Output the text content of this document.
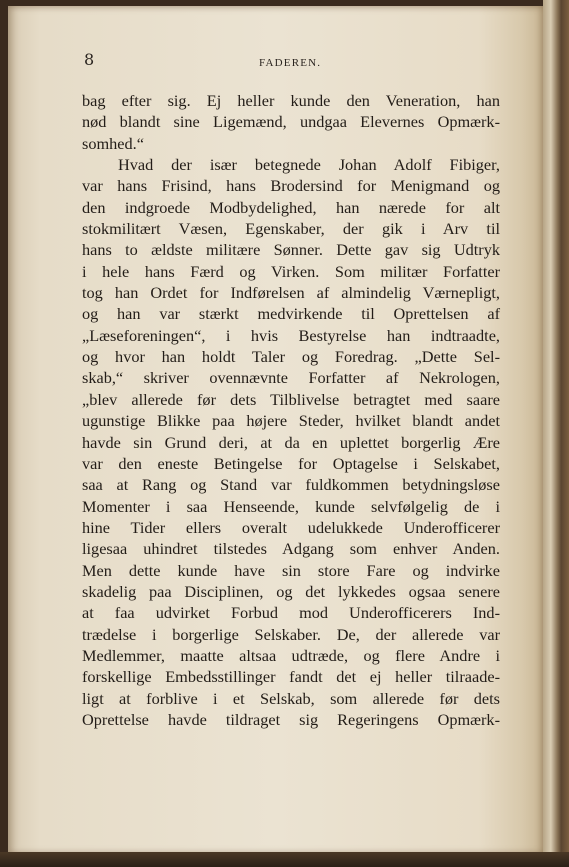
8	FADEREN.
bag efter sig. Ej heller kunde den Veneration, han
nød blandt sine Ligemænd, undgaa Elevernes Opmærk-
somhed.“
Hvad der især betegnede Johan Adolf Fibiger,
var hans Frisind, hans Brodersind for Menigmand og
den indgroede Modbydelighed, han nærede for alt
stokmilitært Væsen, Egenskaber, der gik i Arv til
hans to ældste militære Sønner. Dette gav sig Udtryk
i hele hans Færd og Virken. Som militær Forfatter
tog han Ordet for Indførelsen af almindelig Værnepligt,
og han var stærkt medvirkende til Oprettelsen af
„Læseforeningen“, i hvis Bestyrelse han indtraadte,
og hvor han holdt Taler og Foredrag. „Dette Sel-
skab,“ skriver ovennævnte Forfatter af Nekrologen,
„blev allerede før dets Tilblivelse betragtet med saare
ugunstige Blikke paa højere Steder, hvilket blandt andet
havde sin Grund deri, at da en uplettet borgerlig Ære
var den eneste Betingelse for Optagelse i Selskabet,
saa at Rang og Stand var fuldkommen betydningsløse
Momenter i saa Henseende, kunde selvfølgelig de i
hine Tider ellers overalt udelukkede Underofficerer
ligesaa uhindret tilstedes Adgang som enhver Anden.
Men dette kunde have sin store Fare og indvirke
skadelig paa Disciplinen, og det lykkedes ogsaa senere
at faa udvirket Forbud mod Underofficerers Ind-
trædelse i borgerlige Selskaber. De, der allerede var
Medlemmer, maatte altsaa udtræde, og flere Andre i
forskellige Embedsstillinger fandt det ej heller tilraade-
ligt at forblive i et Selskab, som allerede før dets
Oprettelse havde tildraget sig Regeringens Opmærk-
